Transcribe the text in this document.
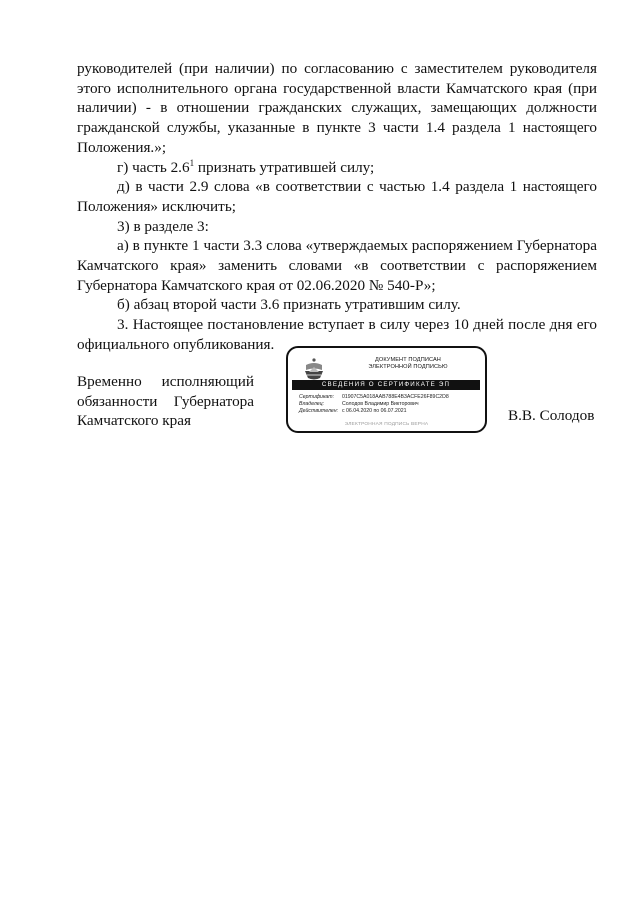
руководителей (при наличии) по согласованию с заместителем руководителя этого исполнительного органа государственной власти Камчатского края (при наличии) - в отношении гражданских служащих, замещающих должности гражданской службы, указанные в пункте 3 части 1.4 раздела 1 настоящего Положения.»;

г) часть $2.6^1$ признать утратившей силу;

д) в части 2.9 слова «в соответствии с частью 1.4 раздела 1 настоящего Положения» исключить;

3) в разделе 3:

а) в пункте 1 части 3.3 слова «утверждаемых распоряжением Губернатора Камчатского края» заменить словами «в соответствии с распоряжением Губернатора Камчатского края от 02.06.2020 № 540-Р»;

б) абзац второй части 3.6 признать утратившим силу.

3. Настоящее постановление вступает в силу через 10 дней после дня его официального опубликования.

Временно исполняющий
обязанности Губернатора
Камчатского края
ДОКУМЕНТ ПОДПИСАН
ЭЛЕКТРОННОЙ ПОДПИСЬЮ
СВЕДЕНИЯ О СЕРТИФИКАТЕ ЭП
Сертификат:	01907C5A018AAB788E4B3ACFE26F89C2D8
Владелец:	Солодов Владимир Викторович
Действителен: с 06.04.2020 по 06.07.2021
ЭЛЕКТРОННАЯ ПОДПИСЬ ВЕРНА
В.В. Солодов
